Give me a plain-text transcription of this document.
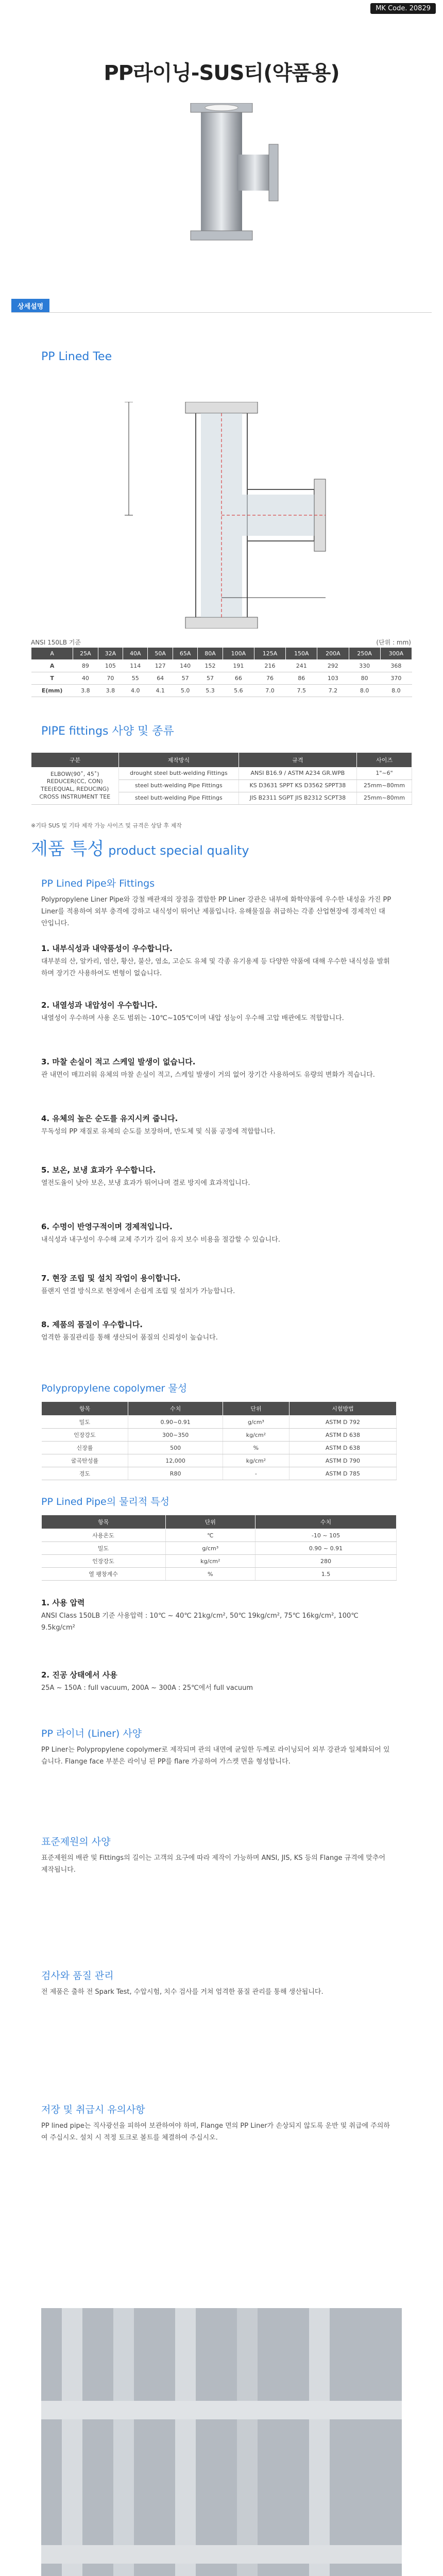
MK Code. 20829
PP라이닝-SUS티(약품용)
상세설명
PP Lined Tee
ANSI 150LB 기준	(단위 : mm)
A	25A	32A	40A	50A	65A	80A	100A	125A	150A	200A	250A	300A
A	89	105	114	127	140	152	191	216	241	292	330	368
T	40	70	55	64	57	57	66	76	86	103	80	370
E(mm)	3.8	3.8	4.0	4.1	5.0	5.3	5.6	7.0	7.5	7.2	8.0	8.0
PIPE fittings 사양 및 종류
구분	제작방식	규격	사이즈
ELBOW(90˚, 45˚) REDUCER(CC, CON) TEE(EQUAL, REDUCING) CROSS INSTRUMENT TEE	drought steel butt-welding Fittings	ANSI B16.9 / ASTM A234 GR.WPB	1"~6"
	steel butt-welding Pipe Fittings	KS D3631 SPPT KS D3562 SPPT38	25mm~80mm
	steel butt-welding Pipe Fittings	JIS B2311 SGPT JIS B2312 SCPT38	25mm~80mm
※기타 SUS 및 기타 제작 가능 사이즈 및 규격은 상담 후 제작
제품 특성 product special quality
PP Lined Pipe와 Fittings
Polypropylene Liner Pipe와 강철 배관재의 장점을 결합한 PP Liner 강관은 내부에 화학약품에 우수한 내성을 가진 PP Liner를 적용하여 외부 충격에 강하고 내식성이 뛰어난 제품입니다. 유해물질을 취급하는 각종 산업현장에 경제적인 대안입니다.
1. 내부식성과 내약품성이 우수합니다.
대부분의 산, 알카리, 염산, 황산, 불산, 염소, 고순도 유체 및 각종 유기용제 등 다양한 약품에 대해 우수한 내식성을 발휘하며 장기간 사용하여도 변형이 없습니다.
2. 내열성과 내압성이 우수합니다.
내열성이 우수하며 사용 온도 범위는 -10℃~105℃이며 내압 성능이 우수해 고압 배관에도 적합합니다.
3. 마찰 손실이 적고 스케일 발생이 없습니다.
관 내면이 매끄러워 유체의 마찰 손실이 적고, 스케일 발생이 거의 없어 장기간 사용하여도 유량의 변화가 적습니다.
4. 유체의 높은 순도를 유지시켜 줍니다.
무독성의 PP 재질로 유체의 순도를 보장하며, 반도체 및 식품 공정에 적합합니다.
5. 보온, 보냉 효과가 우수합니다.
열전도율이 낮아 보온, 보냉 효과가 뛰어나며 결로 방지에 효과적입니다.
6. 수명이 반영구적이며 경제적입니다.
내식성과 내구성이 우수해 교체 주기가 길어 유지 보수 비용을 절감할 수 있습니다.
7. 현장 조립 및 설치 작업이 용이합니다.
플랜지 연결 방식으로 현장에서 손쉽게 조립 및 설치가 가능합니다.
8. 제품의 품질이 우수합니다.
엄격한 품질관리를 통해 생산되어 품질의 신뢰성이 높습니다.
Polypropylene copolymer 물성
항목	수치	단위	시험방법
밀도	0.90~0.91	g/cm³	ASTM D 792
인장강도	300~350	kg/cm²	ASTM D 638
신장률	500	%	ASTM D 638
굴곡탄성률	12,000	kg/cm²	ASTM D 790
경도	R80	-	ASTM D 785
PP Lined Pipe의 물리적 특성
항목	단위	수치
사용온도	℃	-10 ~ 105
밀도	g/cm³	0.90 ~ 0.91
인장강도	kg/cm²	280
열 팽창계수	%	1.5
1. 사용 압력
ANSI Class 150LB 기준 사용압력 : 10℃ ~ 40℃ 21kg/cm², 50℃ 19kg/cm², 75℃ 16kg/cm², 100℃ 9.5kg/cm²
2. 진공 상태에서 사용
25A ~ 150A : full vacuum, 200A ~ 300A : 25℃에서 full vacuum
PP 라이너 (Liner) 사양
PP Liner는 Polypropylene copolymer로 제작되며 관의 내면에 균일한 두께로 라이닝되어 외부 강관과 일체화되어 있습니다. Flange face 부분은 라이닝 된 PP를 flare 가공하여 가스켓 면을 형성합니다.
표준제원의 사양
표준제원의 배관 및 Fittings의 길이는 고객의 요구에 따라 제작이 가능하며 ANSI, JIS, KS 등의 Flange 규격에 맞추어 제작됩니다.
검사와 품질 관리
전 제품은 출하 전 Spark Test, 수압시험, 치수 검사를 거쳐 엄격한 품질 관리를 통해 생산됩니다.
저장 및 취급시 유의사항
PP lined pipe는 직사광선을 피하여 보관하여야 하며, Flange 면의 PP Liner가 손상되지 않도록 운반 및 취급에 주의하여 주십시오. 설치 시 적정 토크로 볼트를 체결하여 주십시오.
